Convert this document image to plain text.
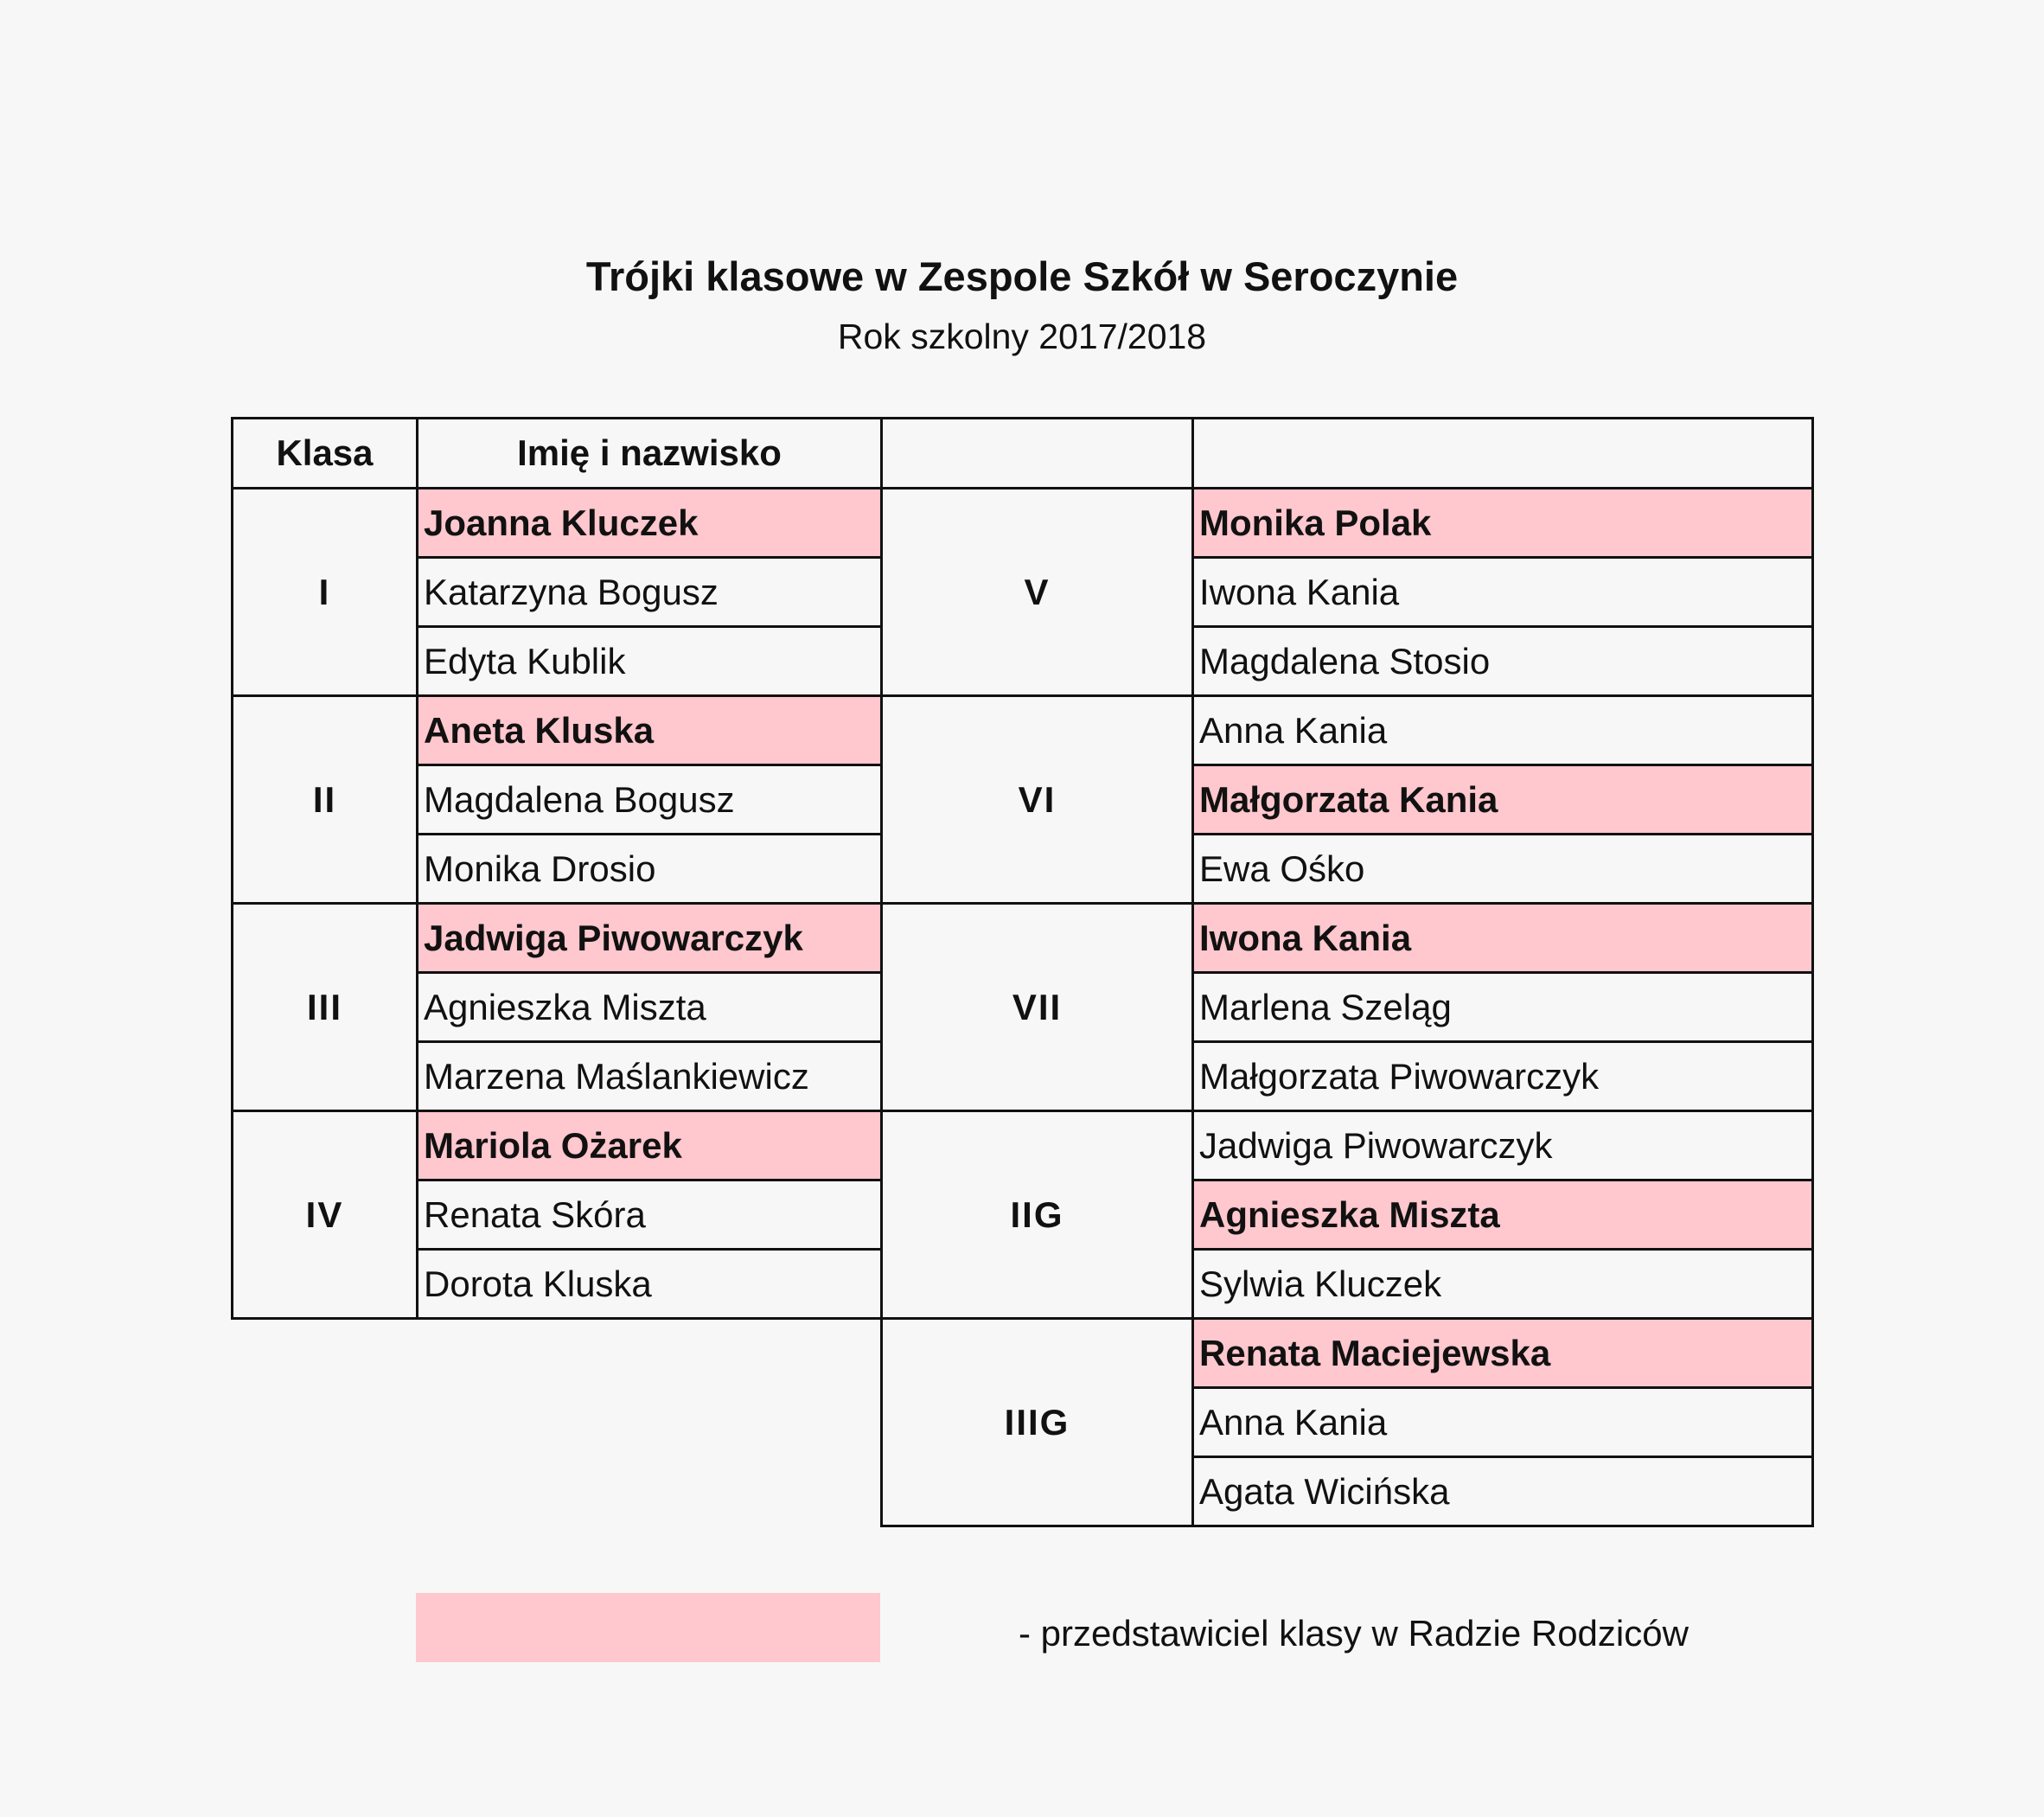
Trójki klasowe w Zespole Szkół w Seroczynie
Rok szkolny 2017/2018
Klasa	Imię i nazwisko
I
Joanna Kluczek
Katarzyna Bogusz
Edyta Kublik
II
Aneta Kluska
Magdalena Bogusz
Monika Drosio
III
Jadwiga Piwowarczyk
Agnieszka Miszta
Marzena Maślankiewicz
IV
Mariola Ożarek
Renata Skóra
Dorota Kluska
V
Monika Polak
Iwona Kania
Magdalena Stosio
VI
Anna Kania
Małgorzata Kania
Ewa Ośko
VII
Iwona Kania
Marlena Szeląg
Małgorzata Piwowarczyk
IIG
Jadwiga Piwowarczyk
Agnieszka Miszta
Sylwia Kluczek
IIIG
Renata Maciejewska
Anna Kania
Agata Wicińska
- przedstawiciel klasy w Radzie Rodziców
